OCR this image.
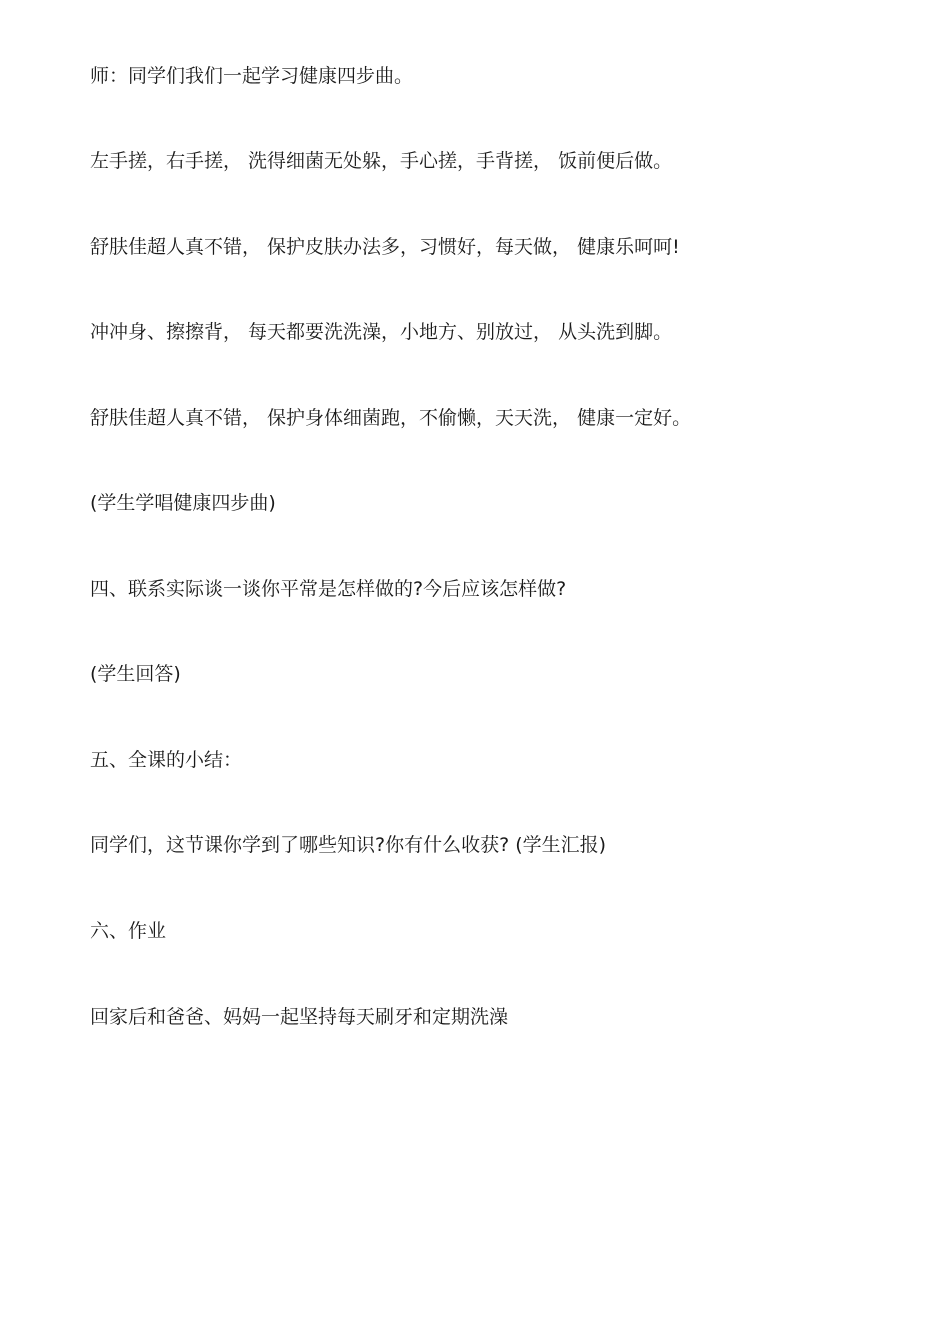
师：同学们我们一起学习健康四步曲。

左手搓，右手搓， 洗得细菌无处躲，手心搓，手背搓， 饭前便后做。

舒肤佳超人真不错， 保护皮肤办法多，习惯好，每天做， 健康乐呵呵!

冲冲身、擦擦背， 每天都要洗洗澡，小地方、别放过， 从头洗到脚。

舒肤佳超人真不错， 保护身体细菌跑，不偷懒，天天洗， 健康一定好。

(学生学唱健康四步曲)

四、联系实际谈一谈你平常是怎样做的?今后应该怎样做?

(学生回答)

五、全课的小结：

同学们，这节课你学到了哪些知识?你有什么收获? (学生汇报)

六、作业

回家后和爸爸、妈妈一起坚持每天刷牙和定期洗澡
